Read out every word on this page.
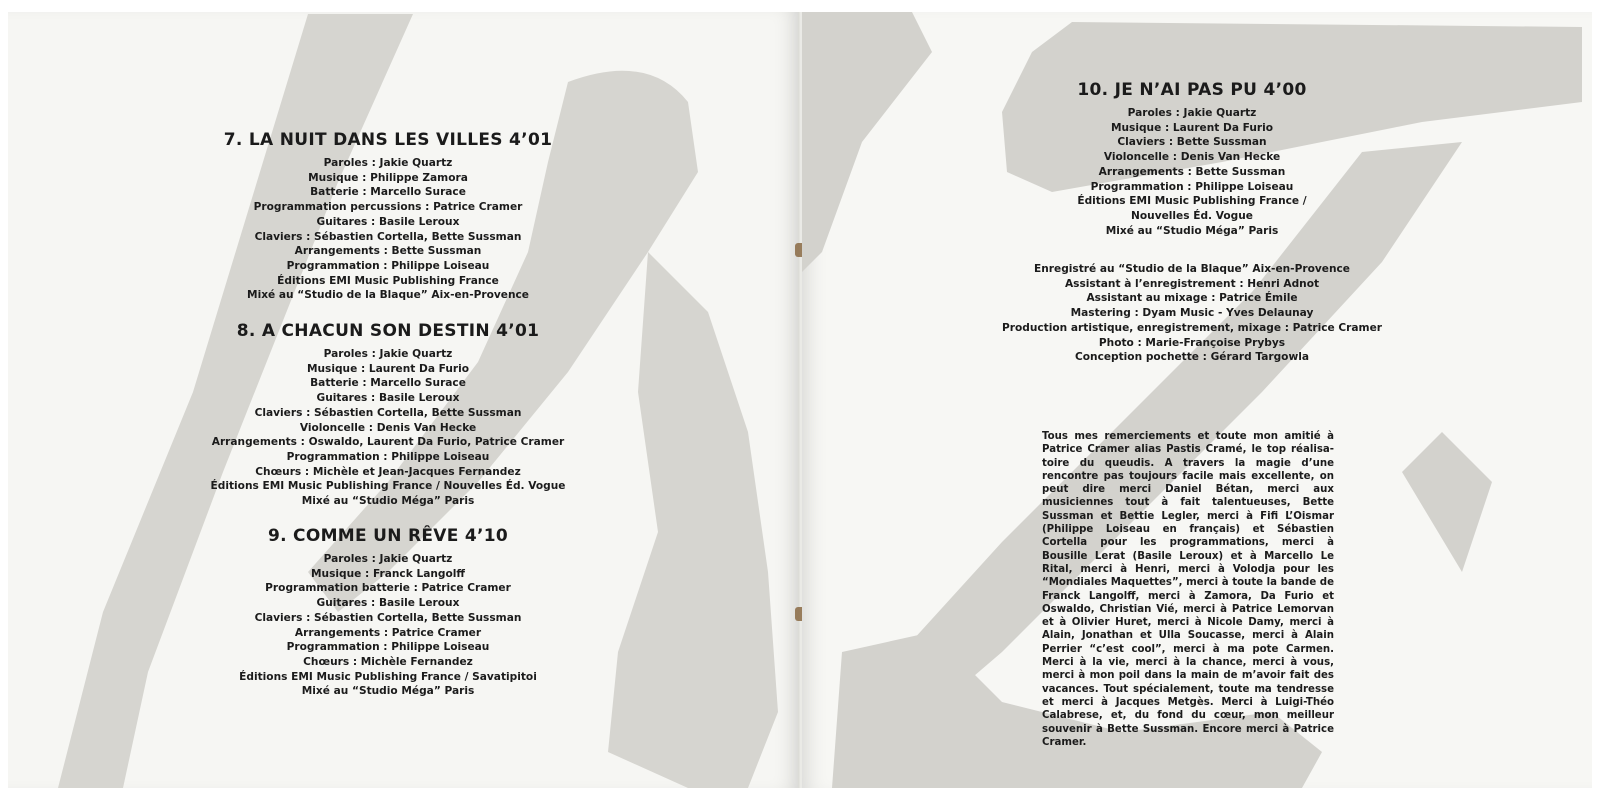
7. LA NUIT DANS LES VILLES 4’01
Paroles : Jakie Quartz
Musique : Philippe Zamora
Batterie : Marcello Surace
Programmation percussions : Patrice Cramer
Guitares : Basile Leroux
Claviers : Sébastien Cortella, Bette Sussman
Arrangements : Bette Sussman
Programmation : Philippe Loiseau
Éditions EMI Music Publishing France
Mixé au “Studio de la Blaque” Aix-en-Provence
8. A CHACUN SON DESTIN 4’01
Paroles : Jakie Quartz
Musique : Laurent Da Furio
Batterie : Marcello Surace
Guitares : Basile Leroux
Claviers : Sébastien Cortella, Bette Sussman
Violoncelle : Denis Van Hecke
Arrangements : Oswaldo, Laurent Da Furio, Patrice Cramer
Programmation : Philippe Loiseau
Chœurs : Michèle et Jean-Jacques Fernandez
Éditions EMI Music Publishing France / Nouvelles Éd. Vogue
Mixé au “Studio Méga” Paris
9. COMME UN RÊVE 4’10
Paroles : Jakie Quartz
Musique : Franck Langolff
Programmation batterie : Patrice Cramer
Guitares : Basile Leroux
Claviers : Sébastien Cortella, Bette Sussman
Arrangements : Patrice Cramer
Programmation : Philippe Loiseau
Chœurs : Michèle Fernandez
Éditions EMI Music Publishing France / Savatipitoi
Mixé au “Studio Méga” Paris
10. JE N’AI PAS PU 4’00
Paroles : Jakie Quartz
Musique : Laurent Da Furio
Claviers : Bette Sussman
Violoncelle : Denis Van Hecke
Arrangements : Bette Sussman
Programmation : Philippe Loiseau
Éditions EMI Music Publishing France /
Nouvelles Éd. Vogue
Mixé au “Studio Méga” Paris
Enregistré au “Studio de la Blaque” Aix-en-Provence
Assistant à l’enregistrement : Henri Adnot
Assistant au mixage : Patrice Émile
Mastering : Dyam Music - Yves Delaunay
Production artistique, enregistrement, mixage : Patrice Cramer
Photo : Marie-Françoise Prybys
Conception pochette : Gérard Targowla
Tous mes remerciements et toute mon amitié à Patrice Cramer alias Pastis Cramé, le top réalisa- toire du queudis. A travers la magie d’une rencontre pas toujours facile mais excellente, on peut dire merci Daniel Bétan, merci aux musiciennes tout à fait talentueuses, Bette Sussman et Bettie Legler, merci à Fifi L’Oismar (Philippe Loiseau en français) et Sébastien Cortella pour les programmations, merci à Bousille Lerat (Basile Leroux) et à Marcello Le Rital, merci à Henri, merci à Volodja pour les “Mondiales Maquettes”, merci à toute la bande de Franck Langolff, merci à Zamora, Da Furio et Oswaldo, Christian Vié, merci à Patrice Lemorvan et à Olivier Huret, merci à Nicole Damy, merci à Alain, Jonathan et Ulla Soucasse, merci à Alain Perrier “c’est cool”, merci à ma pote Carmen. Merci à la vie, merci à la chance, merci à vous, merci à mon poil dans la main de m’avoir fait des vacances. Tout spécialement, toute ma tendresse et merci à Jacques Metgès. Merci à Luigi-Théo Calabrese, et, du fond du cœur, mon meilleur souvenir à Bette Sussman. Encore merci à Patrice Cramer.
